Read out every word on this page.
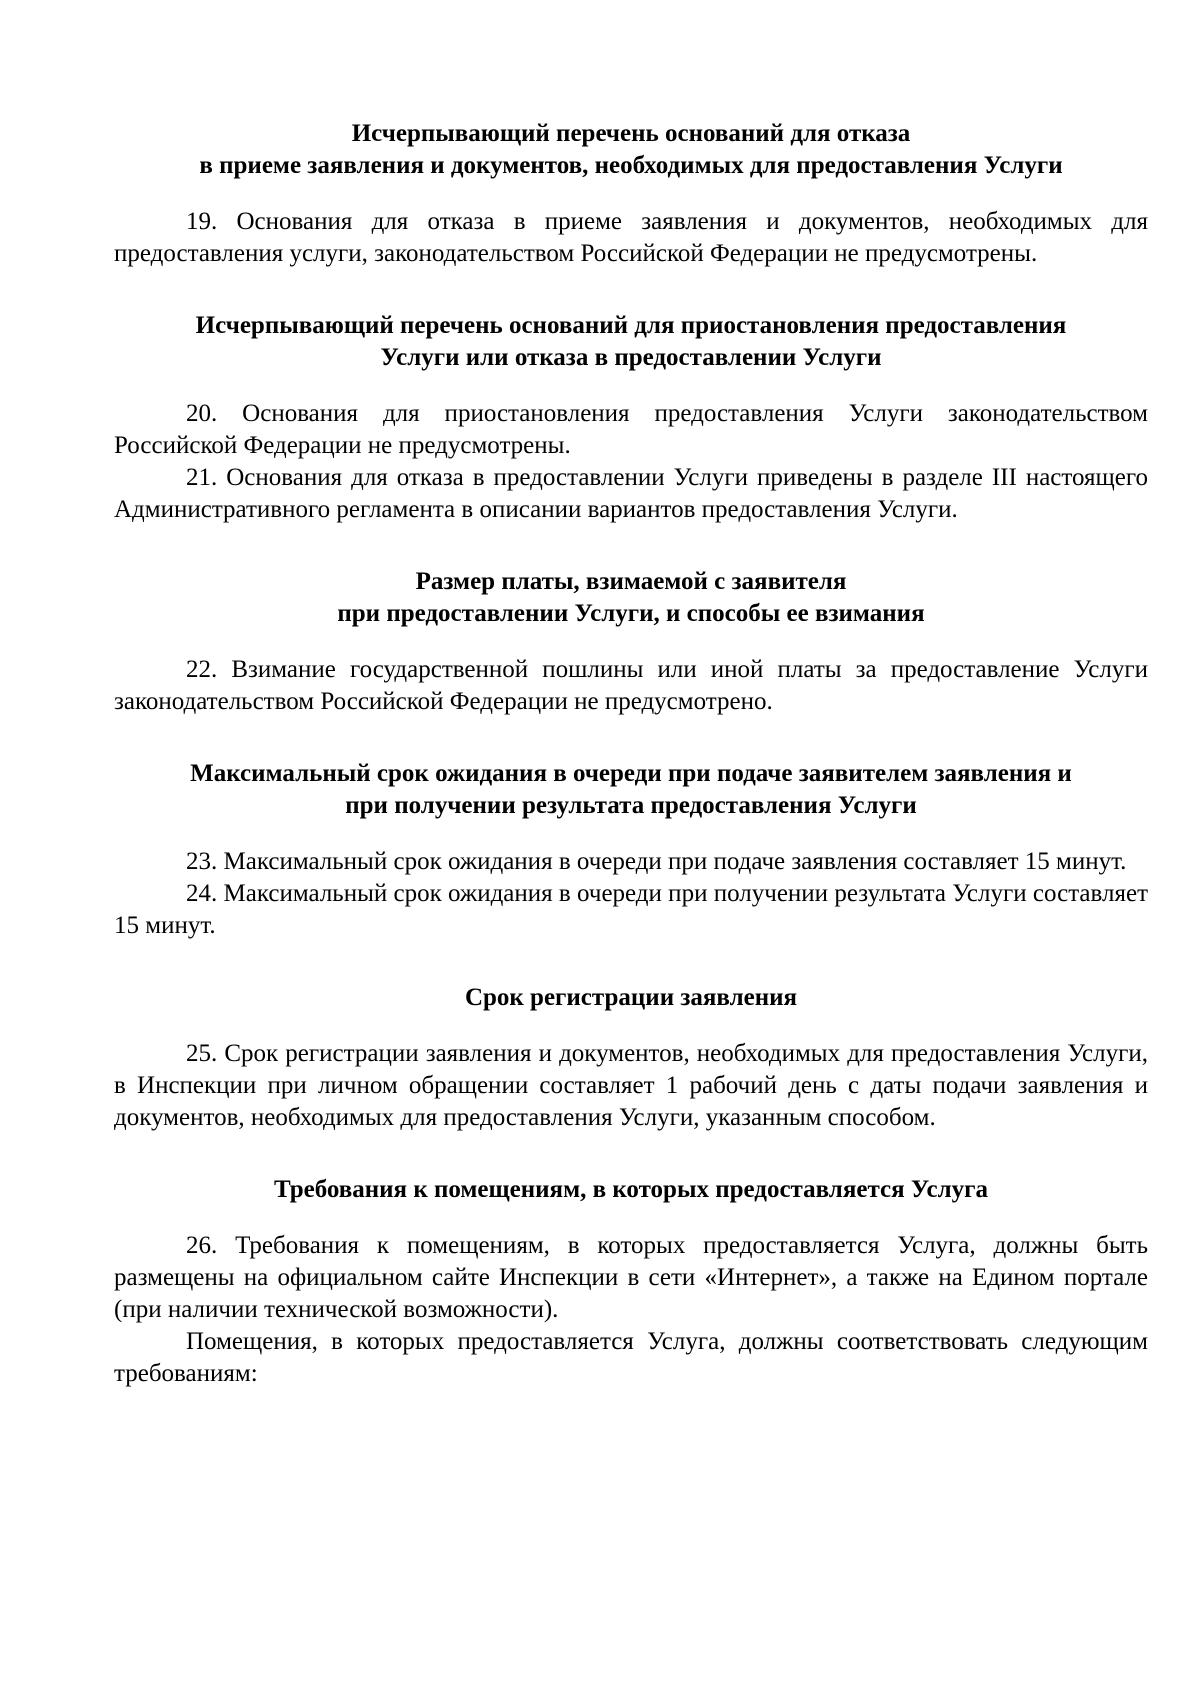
Исчерпывающий перечень оснований для отказа
в приеме заявления и документов, необходимых для предоставления Услуги

19. Основания для отказа в приеме заявления и документов, необходимых для предоставления услуги, законодательством Российской Федерации не предусмотрены.

Исчерпывающий перечень оснований для приостановления предоставления
Услуги или отказа в предоставлении Услуги

20. Основания для приостановления предоставления Услуги законодательством Российской Федерации не предусмотрены.

21. Основания для отказа в предоставлении Услуги приведены в разделе III настоящего Административного регламента в описании вариантов предоставления Услуги.

Размер платы, взимаемой с заявителя
при предоставлении Услуги, и способы ее взимания

22. Взимание государственной пошлины или иной платы за предоставление Услуги законодательством Российской Федерации не предусмотрено.

Максимальный срок ожидания в очереди при подаче заявителем заявления и
при получении результата предоставления Услуги

23. Максимальный срок ожидания в очереди при подаче заявления составляет 15 минут.

24. Максимальный срок ожидания в очереди при получении результата Услуги составляет 15 минут.

Срок регистрации заявления

25. Срок регистрации заявления и документов, необходимых для предоставления Услуги, в Инспекции при личном обращении составляет 1 рабочий день с даты подачи заявления и документов, необходимых для предоставления Услуги, указанным способом.

Требования к помещениям, в которых предоставляется Услуга

26. Требования к помещениям, в которых предоставляется Услуга, должны быть размещены на официальном сайте Инспекции в сети «Интернет», а также на Едином портале (при наличии технической возможности).

Помещения, в которых предоставляется Услуга, должны соответствовать следующим требованиям:
